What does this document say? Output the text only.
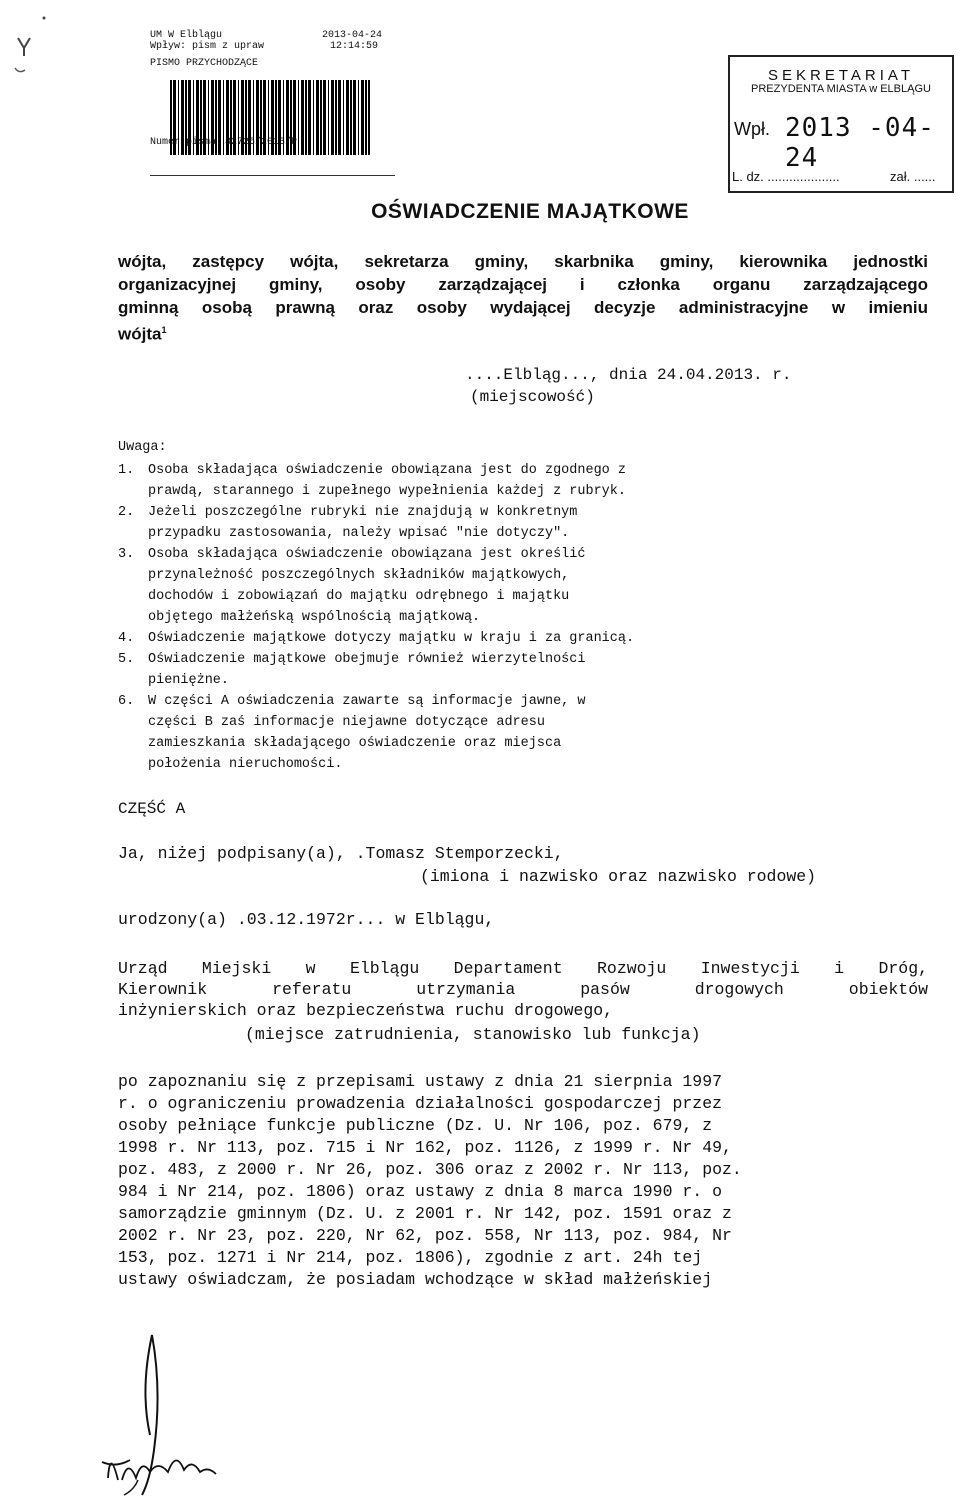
UM W Elblągu	2013-04-24
Wpływ: pism z upraw	12:14:59
PISMO PRZYCHODZĄCE
Numer pisma: 32726/2013/P
SEKRETARIAT
PREZYDENTA MIASTA w ELBLĄGU
Wpł. 2013 -04- 24
L. dz. ....................	zał. ......
OŚWIADCZENIE MAJĄTKOWE
wójta, zastępcy wójta, sekretarza gminy, skarbnika gminy, kierownika jednostki
organizacyjnej gminy, osoby zarządzającej i członka organu zarządzającego
gminną osobą prawną oraz osoby wydającej decyzje administracyjne w imieniu
wójta$^1$
....Elbląg..., dnia 24.04.2013. r.
(miejscowość)
Uwaga:
1.	Osoba składająca oświadczenie obowiązana jest do zgodnego z
prawdą, starannego i zupełnego wypełnienia każdej z rubryk.
2.	Jeżeli poszczególne rubryki nie znajdują w konkretnym
przypadku zastosowania, należy wpisać "nie dotyczy".
3.	Osoba składająca oświadczenie obowiązana jest określić
przynależność poszczególnych składników majątkowych,
dochodów i zobowiązań do majątku odrębnego i majątku
objętego małżeńską wspólnością majątkową.
4.	Oświadczenie majątkowe dotyczy majątku w kraju i za granicą.
5.	Oświadczenie majątkowe obejmuje również wierzytelności
pieniężne.
6.	W części A oświadczenia zawarte są informacje jawne, w
części B zaś informacje niejawne dotyczące adresu
zamieszkania składającego oświadczenie oraz miejsca
położenia nieruchomości.
CZĘŚĆ A
Ja, niżej podpisany(a), .Tomasz Stemporzecki,
(imiona i nazwisko oraz nazwisko rodowe)
urodzony(a) .03.12.1972r... w Elblągu,
Urząd Miejski w Elblągu Departament Rozwoju Inwestycji i Dróg,
Kierownik referatu utrzymania pasów drogowych obiektów
inżynierskich oraz bezpieczeństwa ruchu drogowego,
(miejsce zatrudnienia, stanowisko lub funkcja)
po zapoznaniu się z przepisami ustawy z dnia 21 sierpnia 1997
r. o ograniczeniu prowadzenia działalności gospodarczej przez
osoby pełniące funkcje publiczne (Dz. U. Nr 106, poz. 679, z
1998 r. Nr 113, poz. 715 i Nr 162, poz. 1126, z 1999 r. Nr 49,
poz. 483, z 2000 r. Nr 26, poz. 306 oraz z 2002 r. Nr 113, poz.
984 i Nr 214, poz. 1806) oraz ustawy z dnia 8 marca 1990 r. o
samorządzie gminnym (Dz. U. z 2001 r. Nr 142, poz. 1591 oraz z
2002 r. Nr 23, poz. 220, Nr 62, poz. 558, Nr 113, poz. 984, Nr
153, poz. 1271 i Nr 214, poz. 1806), zgodnie z art. 24h tej
ustawy oświadczam, że posiadam wchodzące w skład małżeńskiej
